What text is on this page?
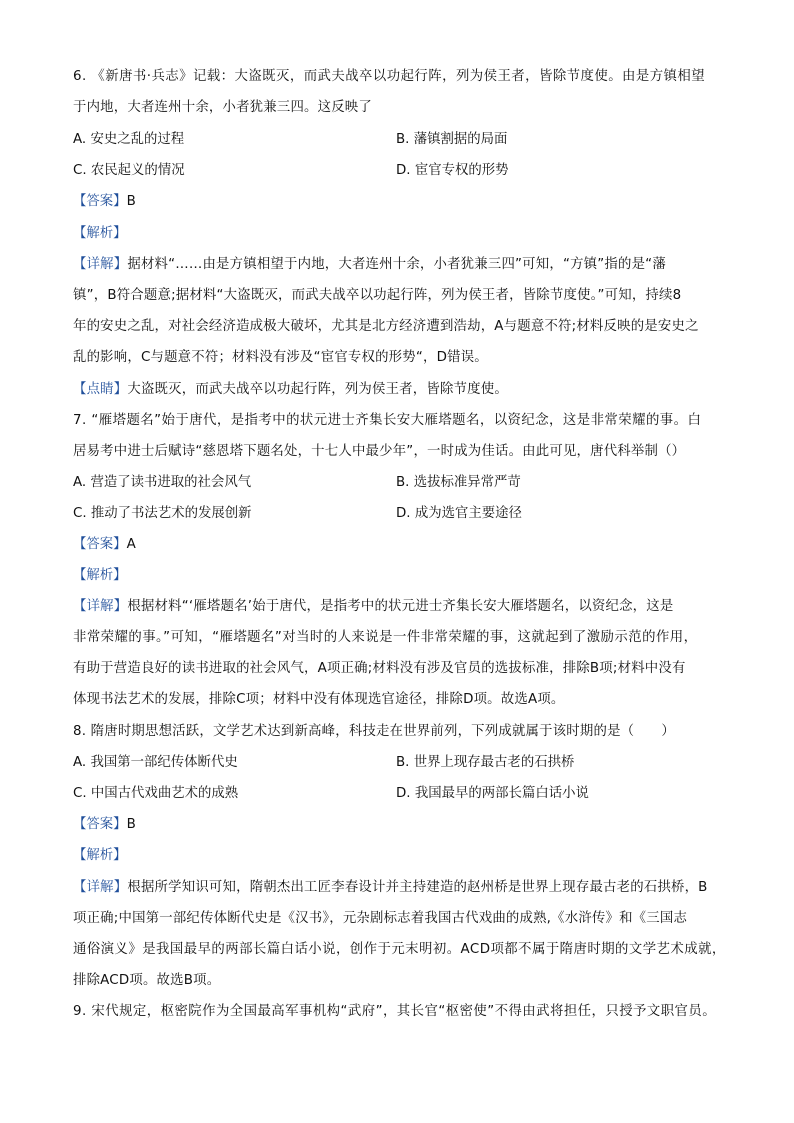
6. 《新唐书·兵志》记载：大盗既灭，而武夫战卒以功起行阵，列为侯王者，皆除节度使。由是方镇相望
于内地，大者连州十余，小者犹兼三四。这反映了
A. 安史之乱的过程	B. 藩镇割据的局面
C. 农民起义的情况	D. 宦官专权的形势
【答案】B
【解析】
【详解】据材料“……由是方镇相望于内地，大者连州十余，小者犹兼三四”可知，“方镇”指的是“藩
镇”，B符合题意;据材料“大盗既灭，而武夫战卒以功起行阵，列为侯王者，皆除节度使。”可知，持续8
年的安史之乱，对社会经济造成极大破坏，尤其是北方经济遭到浩劫，A与题意不符;材料反映的是安史之
乱的影响，C与题意不符；材料没有涉及“宦官专权的形势“，D错误。
【点睛】大盗既灭，而武夫战卒以功起行阵，列为侯王者，皆除节度使。
7. “雁塔题名”始于唐代，是指考中的状元进士齐集长安大雁塔题名，以资纪念，这是非常荣耀的事。白
居易考中进士后赋诗“慈恩塔下题名处，十七人中最少年”，一时成为佳话。由此可见，唐代科举制（）
A. 营造了读书进取的社会风气	B. 选拔标准异常严苛
C. 推动了书法艺术的发展创新	D. 成为选官主要途径
【答案】A
【解析】
【详解】根据材料“‘雁塔题名’始于唐代，是指考中的状元进士齐集长安大雁塔题名，以资纪念，这是
非常荣耀的事。”可知，“雁塔题名”对当时的人来说是一件非常荣耀的事，这就起到了激励示范的作用，
有助于营造良好的读书进取的社会风气，A项正确;材料没有涉及官员的选拔标准，排除B项;材料中没有
体现书法艺术的发展，排除C项；材料中没有体现选官途径，排除D项。故选A项。
8. 隋唐时期思想活跃，文学艺术达到新高峰，科技走在世界前列，下列成就属于该时期的是（　　）
A. 我国第一部纪传体断代史	B. 世界上现存最古老的石拱桥
C. 中国古代戏曲艺术的成熟	D. 我国最早的两部长篇白话小说
【答案】B
【解析】
【详解】根据所学知识可知，隋朝杰出工匠李春设计并主持建造的赵州桥是世界上现存最古老的石拱桥，B
项正确;中国第一部纪传体断代史是《汉书》，元杂剧标志着我国古代戏曲的成熟,《水浒传》和《三国志
通俗演义》是我国最早的两部长篇白话小说，创作于元末明初。ACD项都不属于隋唐时期的文学艺术成就，
排除ACD项。故选B项。
9. 宋代规定，枢密院作为全国最高军事机构“武府”，其长官“枢密使”不得由武将担任，只授予文职官员。
